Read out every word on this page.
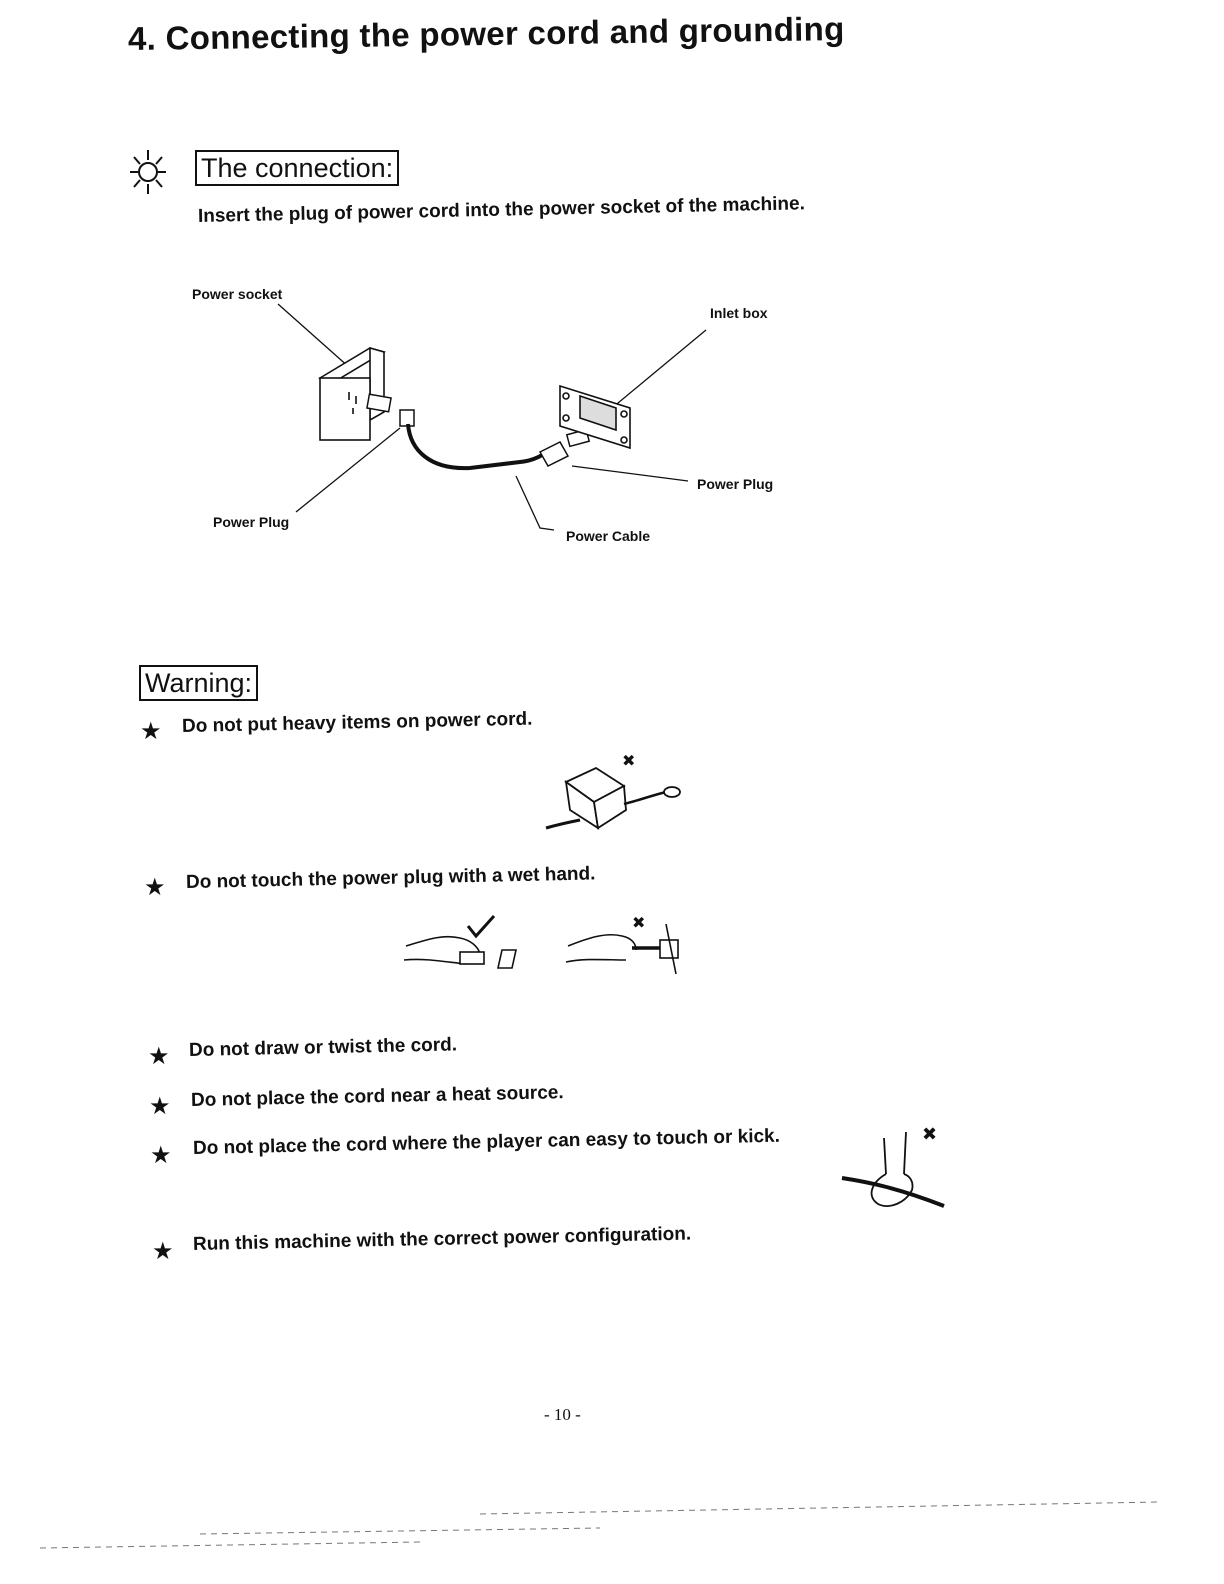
4. Connecting the power cord and grounding
The connection:
Insert the plug of power cord into the power socket of the machine.
Power socket
Inlet box
Power Plug
Power Plug
Power Cable
Warning:
★ Do not put heavy items on power cord.
✖
★ Do not touch the power plug with a wet hand.
✖
★ Do not draw or twist the cord.
★ Do not place the cord near a heat source.
★ Do not place the cord where the player can easy to touch or kick.	✖
★ Run this machine with the correct power configuration.
- 10 -
